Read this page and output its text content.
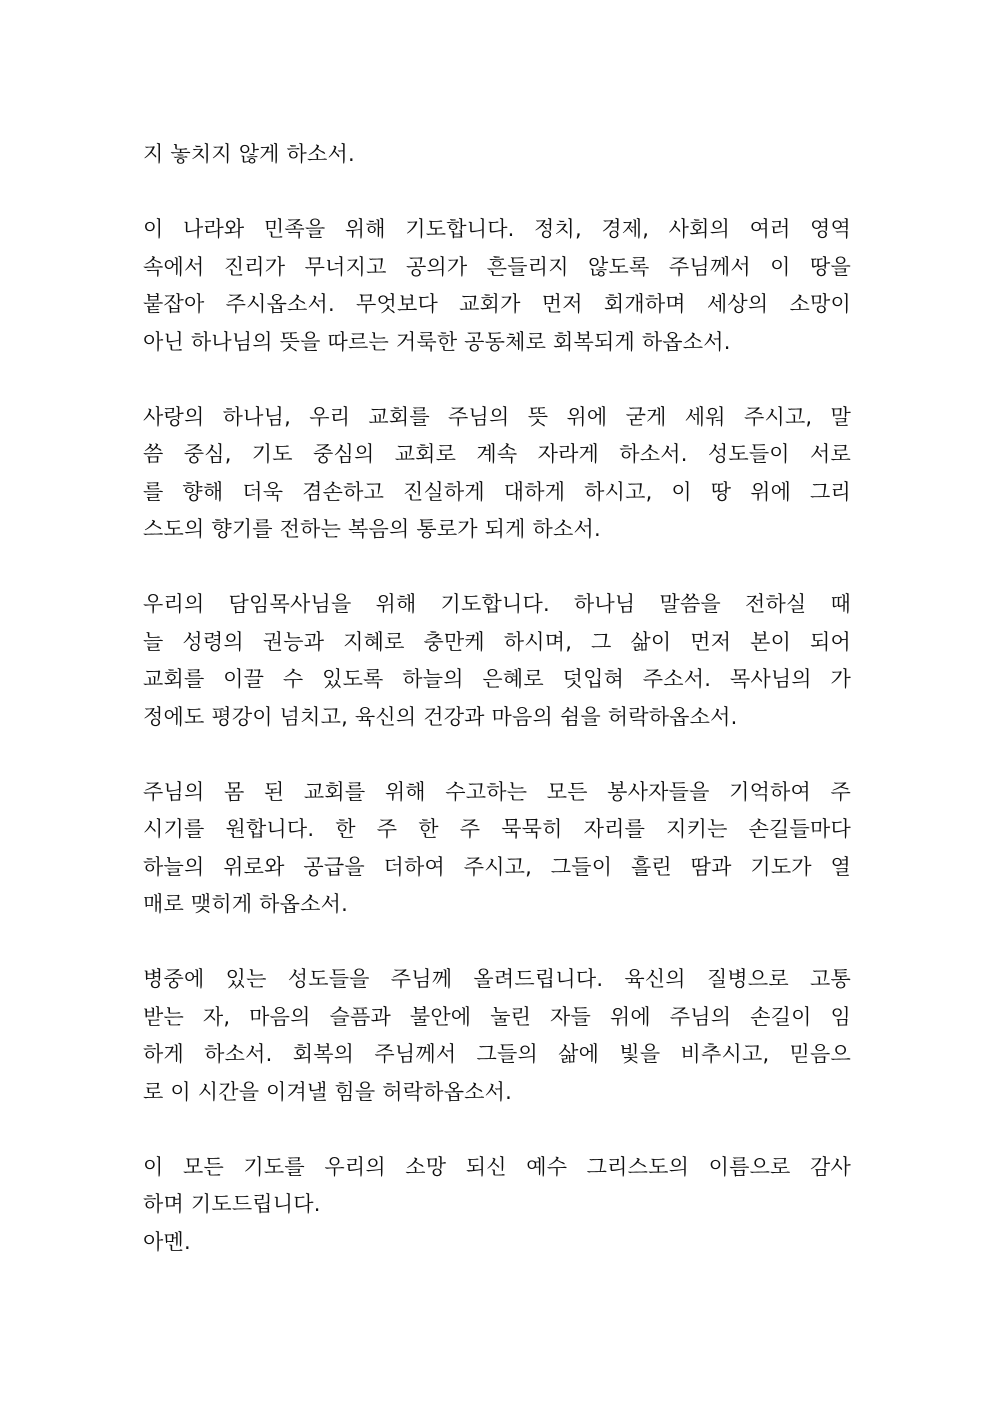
지 놓치지 않게 하소서.
이 나라와 민족을 위해 기도합니다. 정치, 경제, 사회의 여러 영역
속에서 진리가 무너지고 공의가 흔들리지 않도록 주님께서 이 땅을
붙잡아 주시옵소서. 무엇보다 교회가 먼저 회개하며 세상의 소망이
아닌 하나님의 뜻을 따르는 거룩한 공동체로 회복되게 하옵소서.
사랑의 하나님, 우리 교회를 주님의 뜻 위에 굳게 세워 주시고, 말
씀 중심, 기도 중심의 교회로 계속 자라게 하소서. 성도들이 서로
를 향해 더욱 겸손하고 진실하게 대하게 하시고, 이 땅 위에 그리
스도의 향기를 전하는 복음의 통로가 되게 하소서.
우리의 담임목사님을 위해 기도합니다. 하나님 말씀을 전하실 때
늘 성령의 권능과 지혜로 충만케 하시며, 그 삶이 먼저 본이 되어
교회를 이끌 수 있도록 하늘의 은혜로 덧입혀 주소서. 목사님의 가
정에도 평강이 넘치고, 육신의 건강과 마음의 쉼을 허락하옵소서.
주님의 몸 된 교회를 위해 수고하는 모든 봉사자들을 기억하여 주
시기를 원합니다. 한 주 한 주 묵묵히 자리를 지키는 손길들마다
하늘의 위로와 공급을 더하여 주시고, 그들이 흘린 땀과 기도가 열
매로 맺히게 하옵소서.
병중에 있는 성도들을 주님께 올려드립니다. 육신의 질병으로 고통
받는 자, 마음의 슬픔과 불안에 눌린 자들 위에 주님의 손길이 임
하게 하소서. 회복의 주님께서 그들의 삶에 빛을 비추시고, 믿음으
로 이 시간을 이겨낼 힘을 허락하옵소서.
이 모든 기도를 우리의 소망 되신 예수 그리스도의 이름으로 감사
하며 기도드립니다.
아멘.
